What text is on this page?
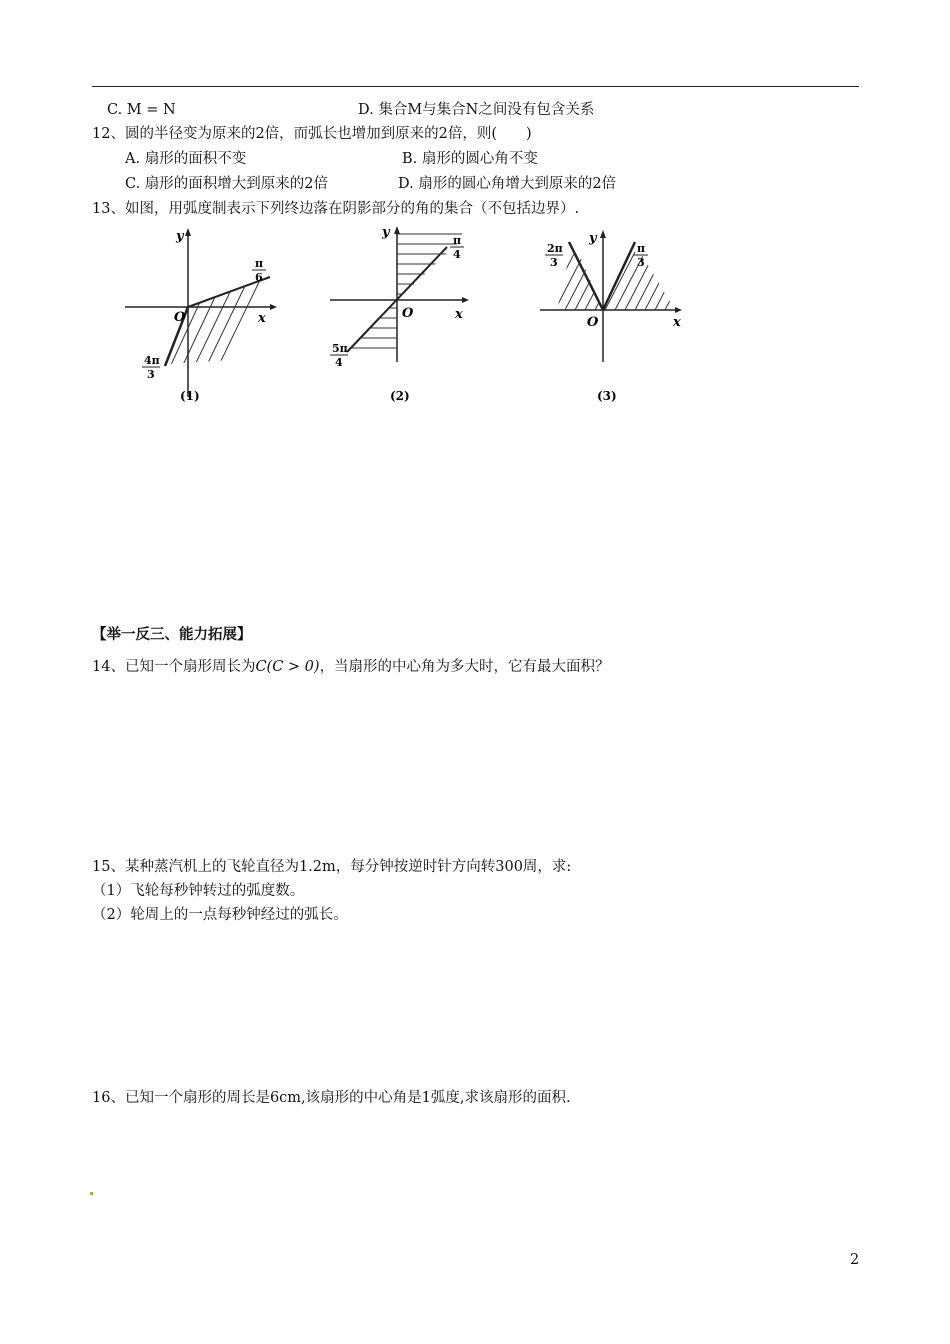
C. M = N	D. 集合M与集合N之间没有包含关系
12、圆的半径变为原来的2倍，而弧长也增加到原来的2倍，则(　　)
A. 扇形的面积不变	B. 扇形的圆心角不变
C. 扇形的面积增大到原来的2倍	D. 扇形的圆心角增大到原来的2倍
13、如图，用弧度制表示下列终边落在阴影部分的角的集合（不包括边界）.
y
x
O
π
6
4π
3
(1)
y
x
O
π
4
5π
4
(2)
y
x
O
2π
3
π
3
(3)
【举一反三、能力拓展】
14、已知一个扇形周长为C(C > 0)，当扇形的中心角为多大时，它有最大面积？
15、某种蒸汽机上的飞轮直径为1.2m，每分钟按逆时针方向转300周，求:
（1）飞轮每秒钟转过的弧度数。
（2）轮周上的一点每秒钟经过的弧长。
16、已知一个扇形的周长是6cm,该扇形的中心角是1弧度,求该扇形的面积.
2
